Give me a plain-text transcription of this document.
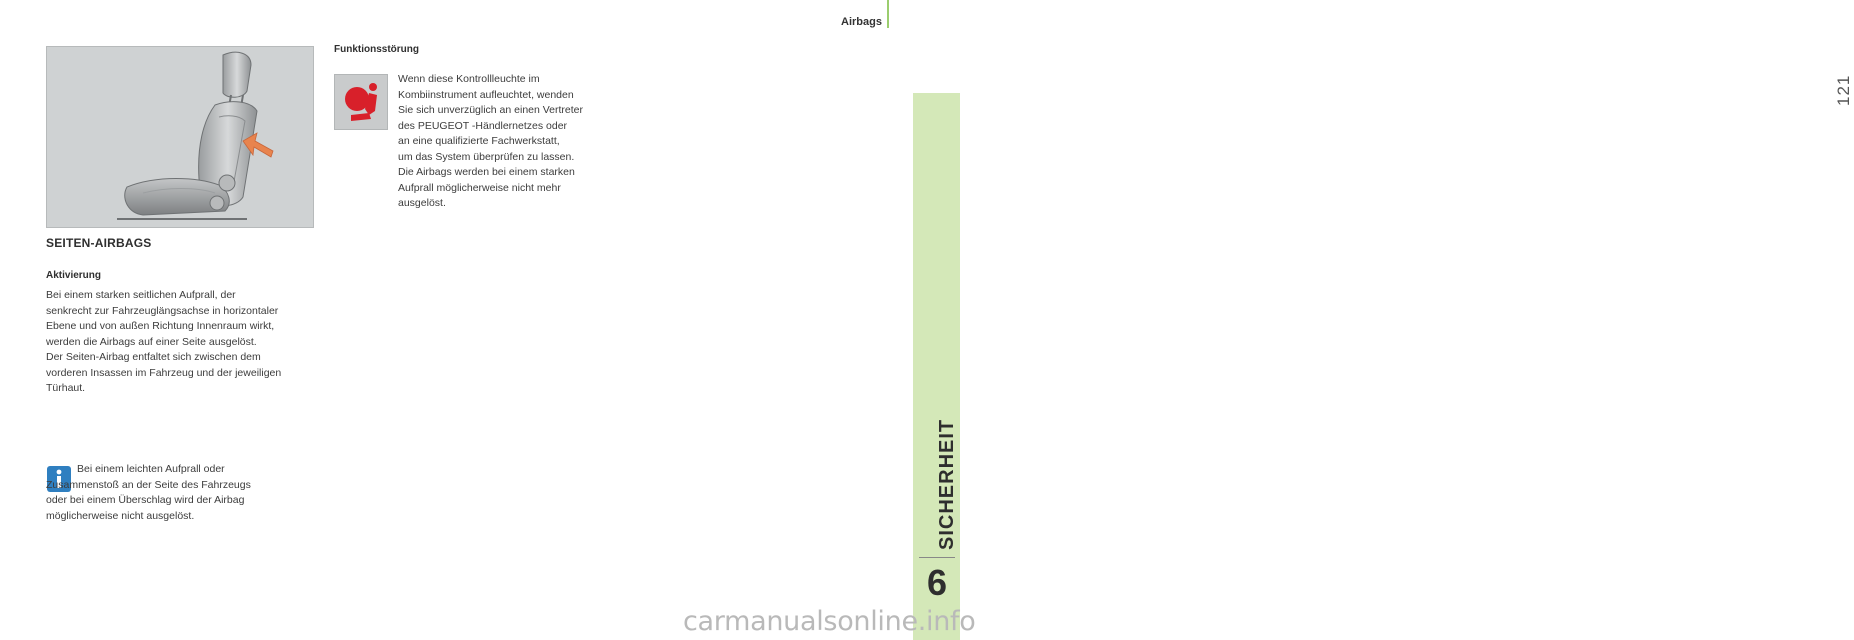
Airbags
121
SICHERHEIT
6
SEITEN-AIRBAGS
Aktivierung

Bei einem starken seitlichen Aufprall, der
senkrecht zur Fahrzeuglängsachse in horizontaler
Ebene und von außen Richtung Innenraum wirkt,
werden die Airbags auf einer Seite ausgelöst.
Der Seiten-Airbag entfaltet sich zwischen dem
vorderen Insassen im Fahrzeug und der jeweiligen
Türhaut.

Bei einem leichten Aufprall oder
Zusammenstoß an der Seite des Fahrzeugs
oder bei einem Überschlag wird der Airbag
möglicherweise nicht ausgelöst.

Funktionsstörung

Wenn diese Kontrollleuchte im
Kombiinstrument aufleuchtet, wenden
Sie sich unverzüglich an einen Vertreter
des PEUGEOT -Händlernetzes oder
an eine qualifizierte Fachwerkstatt,
um das System überprüfen zu lassen.
Die Airbags werden bei einem starken
Aufprall möglicherweise nicht mehr
ausgelöst.

carmanualsonline.info
